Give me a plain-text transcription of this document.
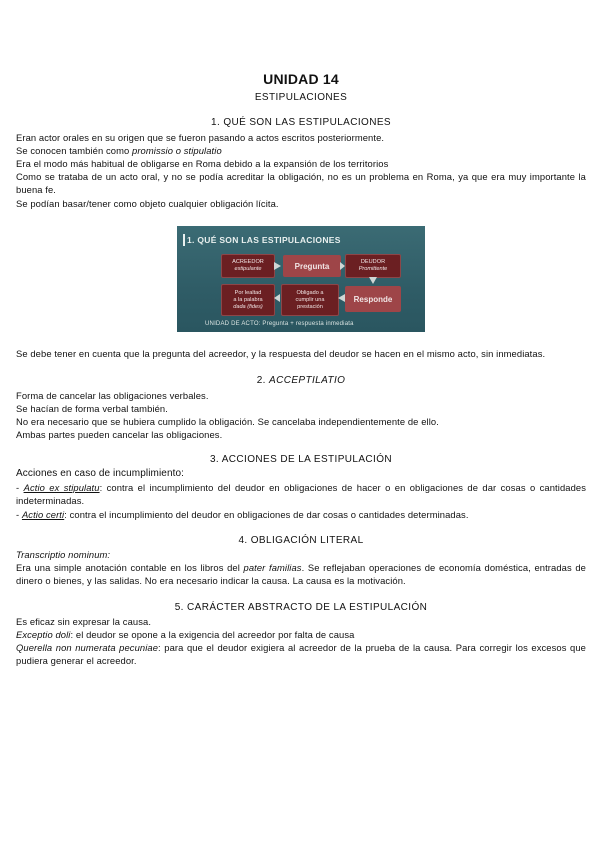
UNIDAD 14
ESTIPULACIONES
1. QUÉ SON LAS ESTIPULACIONES
Eran actor orales en su origen que se fueron pasando a actos escritos posteriormente.
Se conocen también como promissio o stipulatio
Era el modo más habitual de obligarse en Roma debido a la expansión de los territorios
Como se trataba de un acto oral, y no se podía acreditar la obligación, no es un problema en Roma, ya que era muy importante la buena fe.
Se podían basar/tener como objeto cualquier obligación lícita.
Se debe tener en cuenta que la pregunta del acreedor, y la respuesta del deudor se hacen en el mismo acto, sin inmediatas.
2. ACCEPTILATIO
Forma de cancelar las obligaciones verbales.
Se hacían de forma verbal también.
No era necesario que se hubiera cumplido la obligación. Se cancelaba independientemente de ello.
Ambas partes pueden cancelar las obligaciones.
3. ACCIONES DE LA ESTIPULACIÓN
Acciones en caso de incumplimiento:
- Actio ex stipulatu: contra el incumplimiento del deudor en obligaciones de hacer o en obligaciones de dar cosas o cantidades indeterminadas.
- Actio certi: contra el incumplimiento del deudor en obligaciones de dar cosas o cantidades determinadas.
4. OBLIGACIÓN LITERAL
Transcriptio nominum:
Era una simple anotación contable en los libros del pater familias. Se reflejaban operaciones de economía doméstica, entradas de dinero o bienes, y las salidas. No era necesario indicar la causa. La causa es la motivación.
5. CARÁCTER ABSTRACTO DE LA ESTIPULACIÓN
Es eficaz sin expresar la causa.
Exceptio doli: el deudor se opone a la exigencia del acreedor por falta de causa
Querella non numerata pecuniae: para que el deudor exigiera al acreedor de la prueba de la causa. Para corregir los excesos que pudiera generar el acreedor.
1. QUÉ SON LAS ESTIPULACIONES
ACREEDOR
estipulante	Pregunta	DEUDOR
Promittente
Por lealtad
a la palabra
dada (fides)
Obligado a
cumplir una
prestación
Responde
UNIDAD DE ACTO: Pregunta + respuesta inmediata
